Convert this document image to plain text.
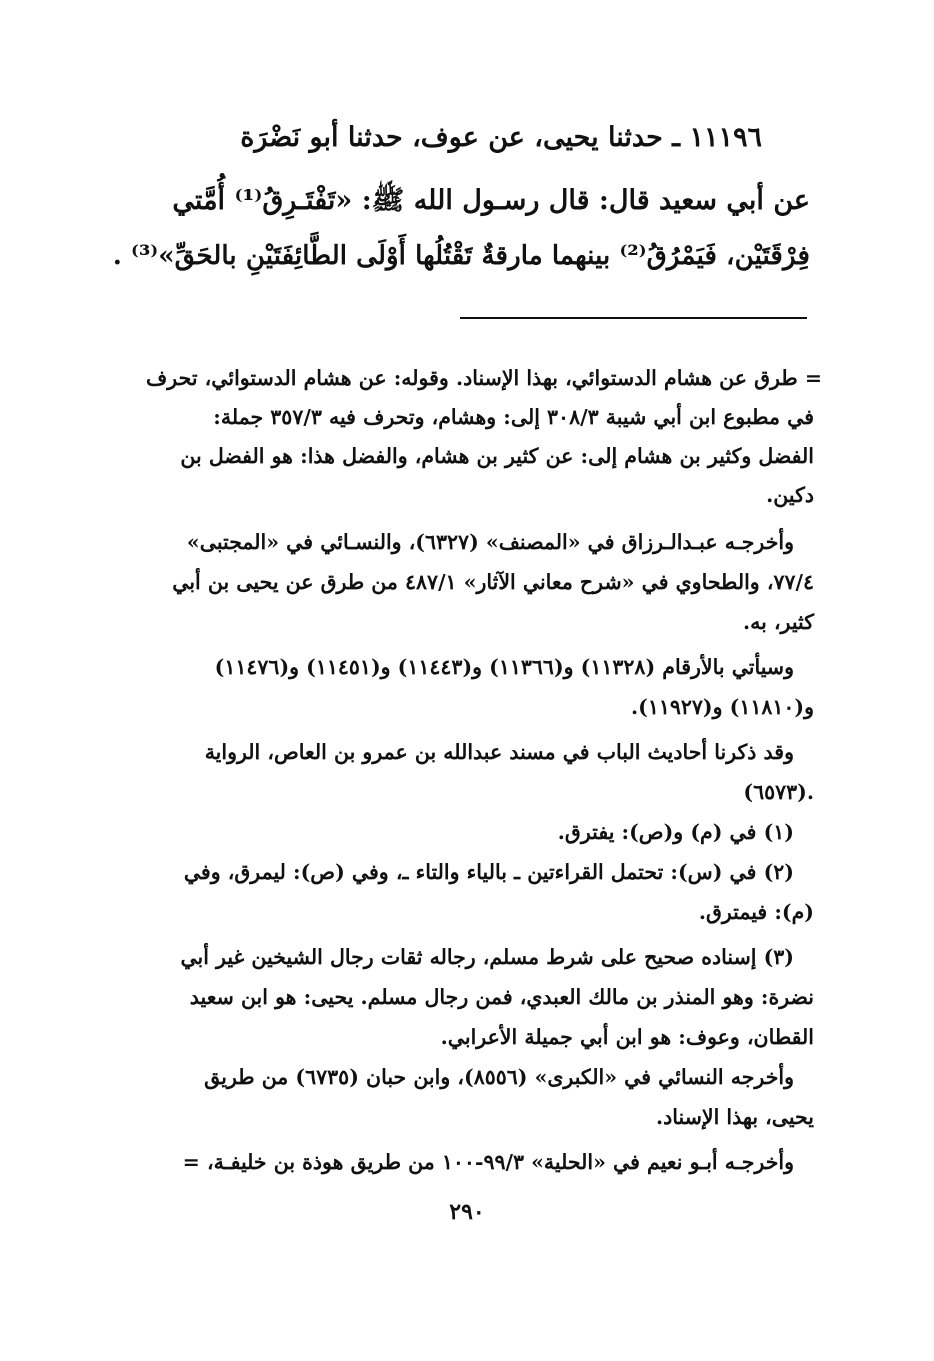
١١١٩٦ ـ حدثنا يحيى، عن عوف، حدثنا أبو نَضْرَة
عن أبي سعيد قال: قال رسـول الله ﷺ: «تَفْتَـرِقُ⁽¹⁾ أُمَّتي
فِرْقَتَيْن، فَيَمْرُقُ⁽²⁾ بينهما مارقةٌ تَقْتُلُها أَوْلَى الطَّائِفَتَيْنِ بالحَقِّ»⁽³⁾ .
= طرق عن هشام الدستوائي، بهذا الإسناد. وقوله: عن هشام الدستوائي، تحرف
في مطبوع ابن أبي شيبة ٣٠٨/٣ إلى: وهشام، وتحرف فيه ٣٥٧/٣ جملة:
الفضل وكثير بن هشام إلى: عن كثير بن هشام، والفضل هذا: هو الفضل بن
دكين.
وأخرجـه عبـدالـرزاق في «المصنف» (٦٣٢٧)، والنسـائي في «المجتبى»
٧٧/٤، والطحاوي في «شرح معاني الآثار» ٤٨٧/١ من طرق عن يحيى بن أبي
كثير، به.
وسيأتي بالأرقام (١١٣٢٨) و(١١٣٦٦) و(١١٤٤٣) و(١١٤٥١) و(١١٤٧٦)
و(١١٨١٠) و(١١٩٢٧).
وقد ذكرنا أحاديث الباب في مسند عبدالله بن عمرو بن العاص، الرواية
(٦٥٧٣).
(١) في (م) و(ص): يفترق.
(٢) في (س): تحتمل القراءتين ـ بالياء والتاء ـ، وفي (ص): ليمرق، وفي
(م): فيمترق.
(٣) إسناده صحيح على شرط مسلم، رجاله ثقات رجال الشيخين غير أبي
نضرة: وهو المنذر بن مالك العبدي، فمن رجال مسلم. يحيى: هو ابن سعيد
القطان، وعوف: هو ابن أبي جميلة الأعرابي.
وأخرجه النسائي في «الكبرى» (٨٥٥٦)، وابن حبان (٦٧٣٥) من طريق
يحيى، بهذا الإسناد.
وأخرجـه أبـو نعيم في «الحلية» ٩٩/٣-١٠٠ من طريق هوذة بن خليفـة، =
٢٩٠
